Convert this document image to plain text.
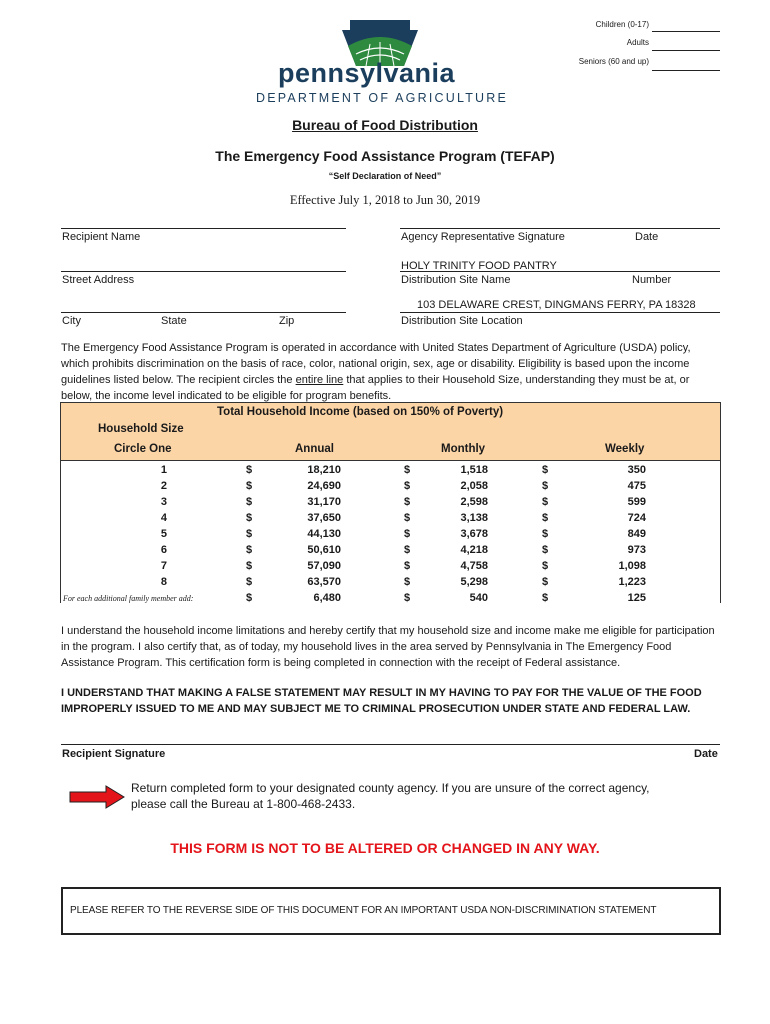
Children (0-17)
Adults
Seniors (60 and up)
pennsylvania
DEPARTMENT OF AGRICULTURE
Bureau of Food Distribution
The Emergency Food Assistance Program (TEFAP)
“Self Declaration of Need”
Effective July 1, 2018 to Jun 30, 2019
Recipient Name	Agency Representative Signature	Date
HOLY TRINITY FOOD PANTRY
Street Address	Distribution Site Name	Number
103 DELAWARE CREST, DINGMANS FERRY, PA 18328
City	State	Zip	Distribution Site Location
The Emergency Food Assistance Program is operated in accordance with United States Department of Agriculture (USDA) policy,
which prohibits discrimination on the basis of race, color, national origin, sex, age or disability. Eligibility is based upon the income
guidelines listed below. The recipient circles the entire line that applies to their Household Size, understanding they must be at, or
below, the income level indicated to be eligible for program benefits.
Total Household Income (based on 150% of Poverty)
Household Size
Circle One	Annual	Monthly	Weekly
1	$	18,210	$	1,518	$	350
2	$	24,690	$	2,058	$	475
3	$	31,170	$	2,598	$	599
4	$	37,650	$	3,138	$	724
5	$	44,130	$	3,678	$	849
6	$	50,610	$	4,218	$	973
7	$	57,090	$	4,758	$	1,098
8	$	63,570	$	5,298	$	1,223
For each additional family member add:	$	6,480	$	540	$	125
I understand the household income limitations and hereby certify that my household size and income make me eligible for participation
in the program. I also certify that, as of today, my household lives in the area served by Pennsylvania in The Emergency Food
Assistance Program. This certification form is being completed in connection with the receipt of Federal assistance.
I UNDERSTAND THAT MAKING A FALSE STATEMENT MAY RESULT IN MY HAVING TO PAY FOR THE VALUE OF THE FOOD
IMPROPERLY ISSUED TO ME AND MAY SUBJECT ME TO CRIMINAL PROSECUTION UNDER STATE AND FEDERAL LAW.
Recipient Signature	Date
Return completed form to your designated county agency. If you are unsure of the correct agency,
please call the Bureau at 1-800-468-2433.
THIS FORM IS NOT TO BE ALTERED OR CHANGED IN ANY WAY.
PLEASE REFER TO THE REVERSE SIDE OF THIS DOCUMENT FOR AN IMPORTANT USDA NON-DISCRIMINATION STATEMENT
